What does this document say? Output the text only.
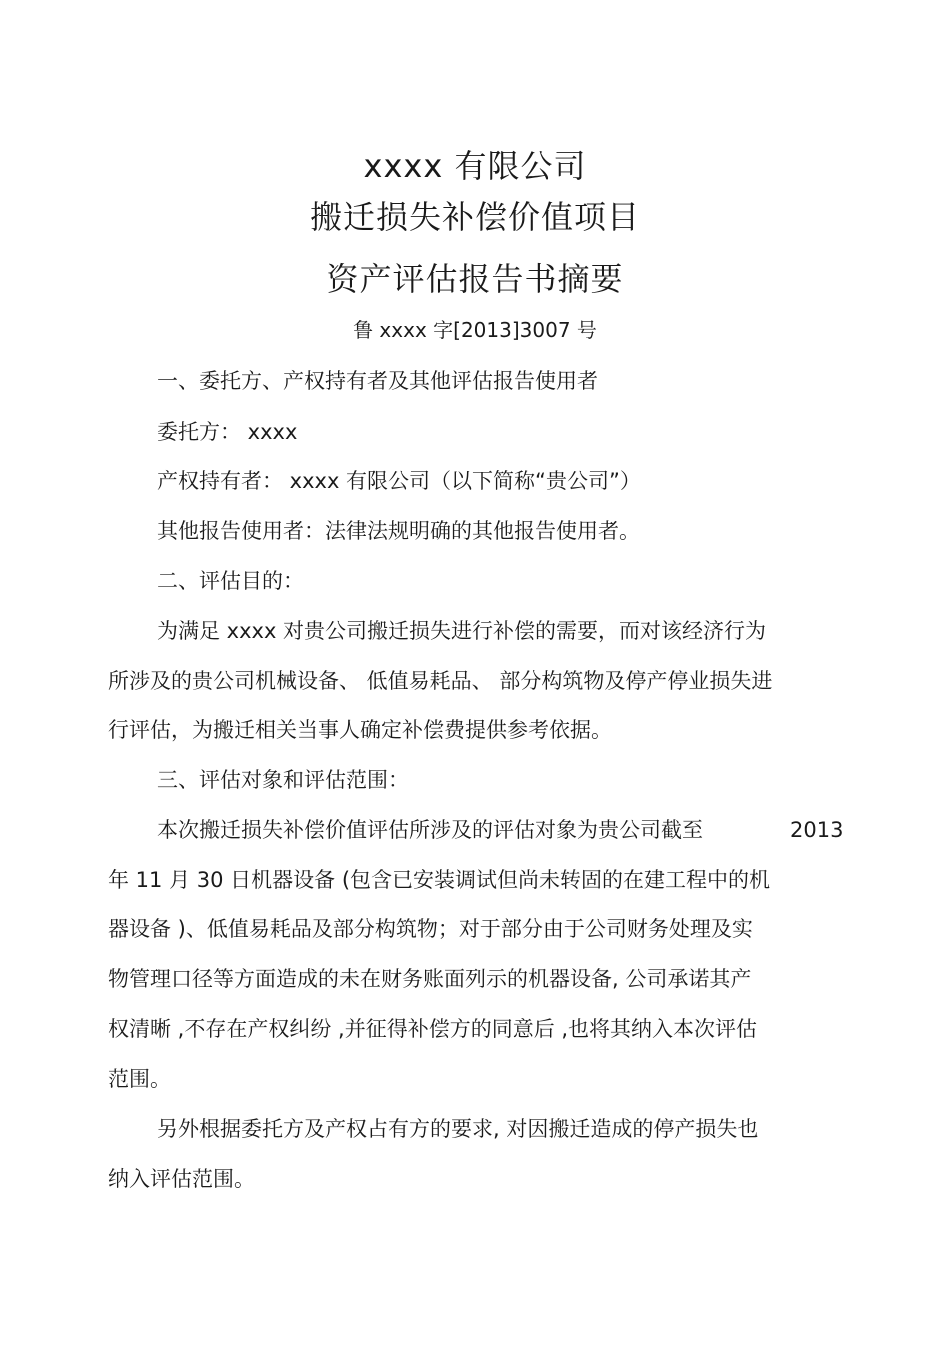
xxxx 有限公司
搬迁损失补偿价值项目
资产评估报告书摘要
鲁 xxxx 字[2013]3007 号
一、委托方、产权持有者及其他评估报告使用者
委托方： xxxx
产权持有者： xxxx 有限公司（以下简称“贵公司”）
其他报告使用者：法律法规明确的其他报告使用者。
二、评估目的：
为满足 xxxx 对贵公司搬迁损失进行补偿的需要，而对该经济行为
所涉及的贵公司机械设备、 低值易耗品、 部分构筑物及停产停业损失进
行评估，为搬迁相关当事人确定补偿费提供参考依据。
三、评估对象和评估范围：
本次搬迁损失补偿价值评估所涉及的评估对象为贵公司截至	2013
年 11 月 30 日机器设备 (包含已安装调试但尚未转固的在建工程中的机
器设备 )、低值易耗品及部分构筑物；对于部分由于公司财务处理及实
物管理口径等方面造成的未在财务账面列示的机器设备, 公司承诺其产
权清晰 ,不存在产权纠纷 ,并征得补偿方的同意后 ,也将其纳入本次评估
范围。
另外根据委托方及产权占有方的要求, 对因搬迁造成的停产损失也
纳入评估范围。
